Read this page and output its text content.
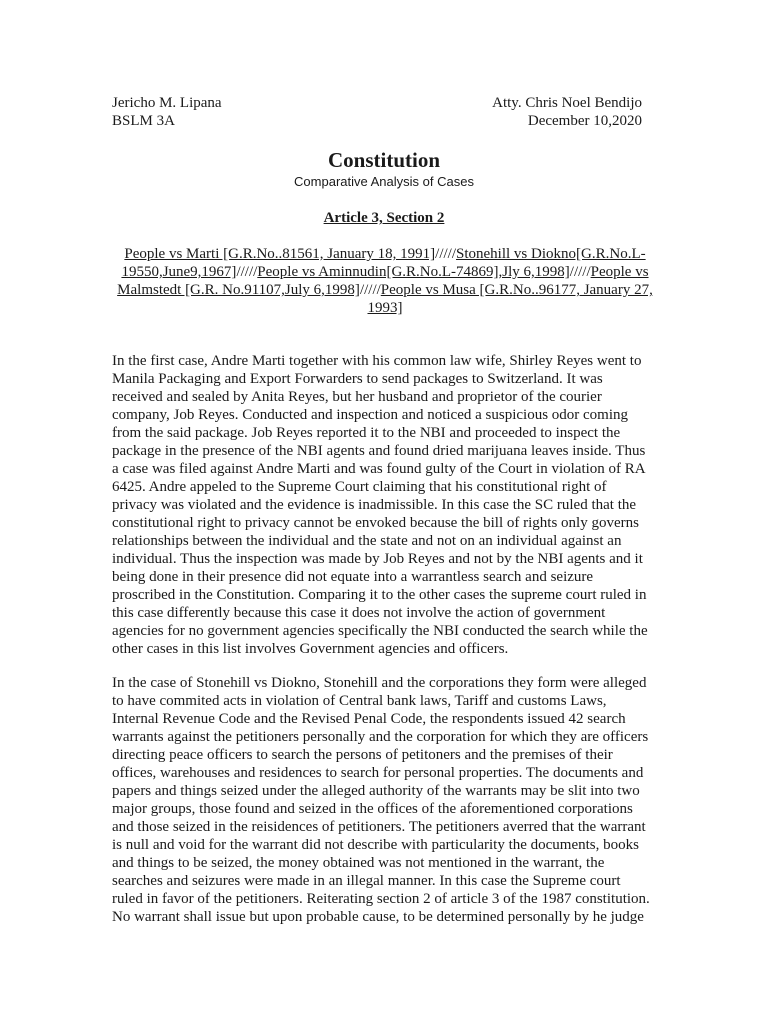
Jericho M. Lipana
BSLM 3A
Atty. Chris Noel Bendijo
December 10,2020
Constitution
Comparative Analysis of Cases
Article 3, Section 2
People vs Marti [G.R.No..81561, January 18, 1991]/////Stonehill vs Diokno[G.R.No.L-19550,June9,1967]/////People vs Aminnudin[G.R.No.L-74869],Jly 6,1998]/////People vs Malmstedt [G.R. No.91107,July 6,1998]/////People vs Musa [G.R.No..96177, January 27, 1993]
In the first case, Andre Marti together with his common law wife, Shirley Reyes went to
Manila Packaging and Export Forwarders to send packages to Switzerland. It was
received and sealed by Anita Reyes, but her husband and proprietor of the courier
company, Job Reyes. Conducted and inspection and noticed a suspicious odor coming
from the said package. Job Reyes reported it to the NBI and proceeded to inspect the
package in the presence of the NBI agents and found dried marijuana leaves inside. Thus
a case was filed against Andre Marti and was found gulty of the Court in violation of RA
6425. Andre appeled to the Supreme Court claiming that his constitutional right of
privacy was violated and the evidence is inadmissible. In this case the SC ruled that the
constitutional right to privacy cannot be envoked because the bill of rights only governs
relationships between the individual and the state and not on an individual against an
individual. Thus the inspection was made by Job Reyes and not by the NBI agents and it
being done in their presence did not equate into a warrantless search and seizure
proscribed in the Constitution. Comparing it to the other cases the supreme court ruled in
this case differently because this case it does not involve the action of government
agencies for no government agencies specifically the NBI conducted the search while the
other cases in this list involves Government agencies and officers.
In the case of Stonehill vs Diokno, Stonehill and the corporations they form were alleged
to have commited acts in violation of Central bank laws, Tariff and customs Laws,
Internal Revenue Code and the Revised Penal Code, the respondents issued 42 search
warrants against the petitioners personally and the corporation for which they are officers
directing peace officers to search the persons of petitoners and the premises of their
offices, warehouses and residences to search for personal properties. The documents and
papers and things seized under the alleged authority of the warrants may be slit into two
major groups, those found and seized in the offices of the aforementioned corporations
and those seized in the reisidences of petitioners. The petitioners averred that the warrant
is null and void for the warrant did not describe with particularity the documents, books
and things to be seized, the money obtained was not mentioned in the warrant, the
searches and seizures were made in an illegal manner. In this case the Supreme court
ruled in favor of the petitioners. Reiterating section 2 of article 3 of the 1987 constitution.
No warrant shall issue but upon probable cause, to be determined personally by he judge
